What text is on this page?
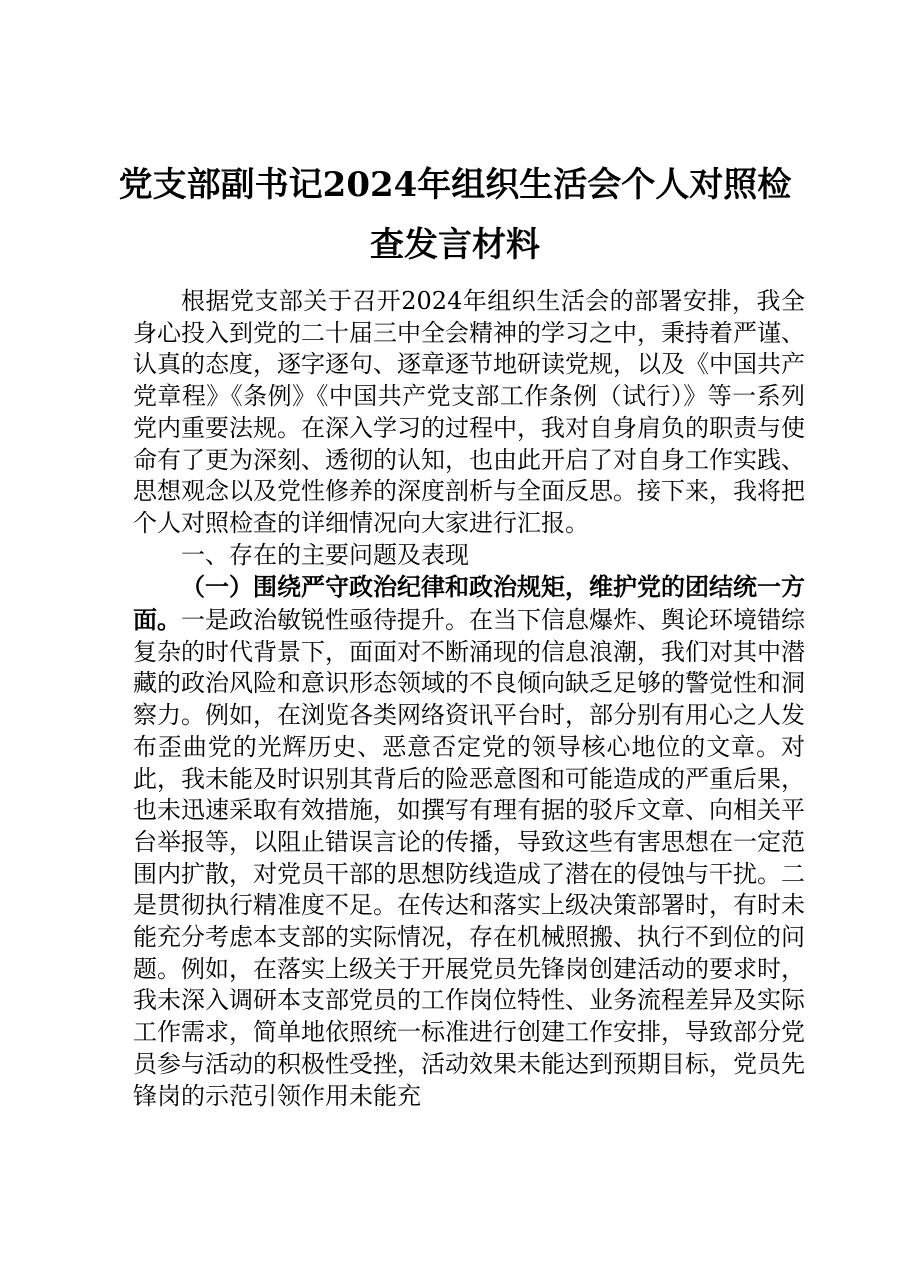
党支部副书记2024年组织生活会个人对照检查发言材料

根据党支部关于召开2024年组织生活会的部署安排，我全身心投入到党的二十届三中全会精神的学习之中，秉持着严谨、认真的态度，逐字逐句、逐章逐节地研读党规，以及《中国共产党章程》《条例》《中国共产党支部工作条例（试行）》等一系列党内重要法规。在深入学习的过程中，我对自身肩负的职责与使命有了更为深刻、透彻的认知，也由此开启了对自身工作实践、思想观念以及党性修养的深度剖析与全面反思。接下来，我将把个人对照检查的详细情况向大家进行汇报。

一、存在的主要问题及表现

（一）围绕严守政治纪律和政治规矩，维护党的团结统一方面。一是政治敏锐性亟待提升。在当下信息爆炸、舆论环境错综复杂的时代背景下，面面对不断涌现的信息浪潮，我们对其中潜藏的政治风险和意识形态领域的不良倾向缺乏足够的警觉性和洞察力。例如，在浏览各类网络资讯平台时，部分别有用心之人发布歪曲党的光辉历史、恶意否定党的领导核心地位的文章。对此，我未能及时识别其背后的险恶意图和可能造成的严重后果，也未迅速采取有效措施，如撰写有理有据的驳斥文章、向相关平台举报等，以阻止错误言论的传播，导致这些有害思想在一定范围内扩散，对党员干部的思想防线造成了潜在的侵蚀与干扰。二是贯彻执行精准度不足。在传达和落实上级决策部署时，有时未能充分考虑本支部的实际情况，存在机械照搬、执行不到位的问题。例如，在落实上级关于开展党员先锋岗创建活动的要求时，我未深入调研本支部党员的工作岗位特性、业务流程差异及实际工作需求，简单地依照统一标准进行创建工作安排，导致部分党员参与活动的积极性受挫，活动效果未能达到预期目标，党员先锋岗的示范引领作用未能充
